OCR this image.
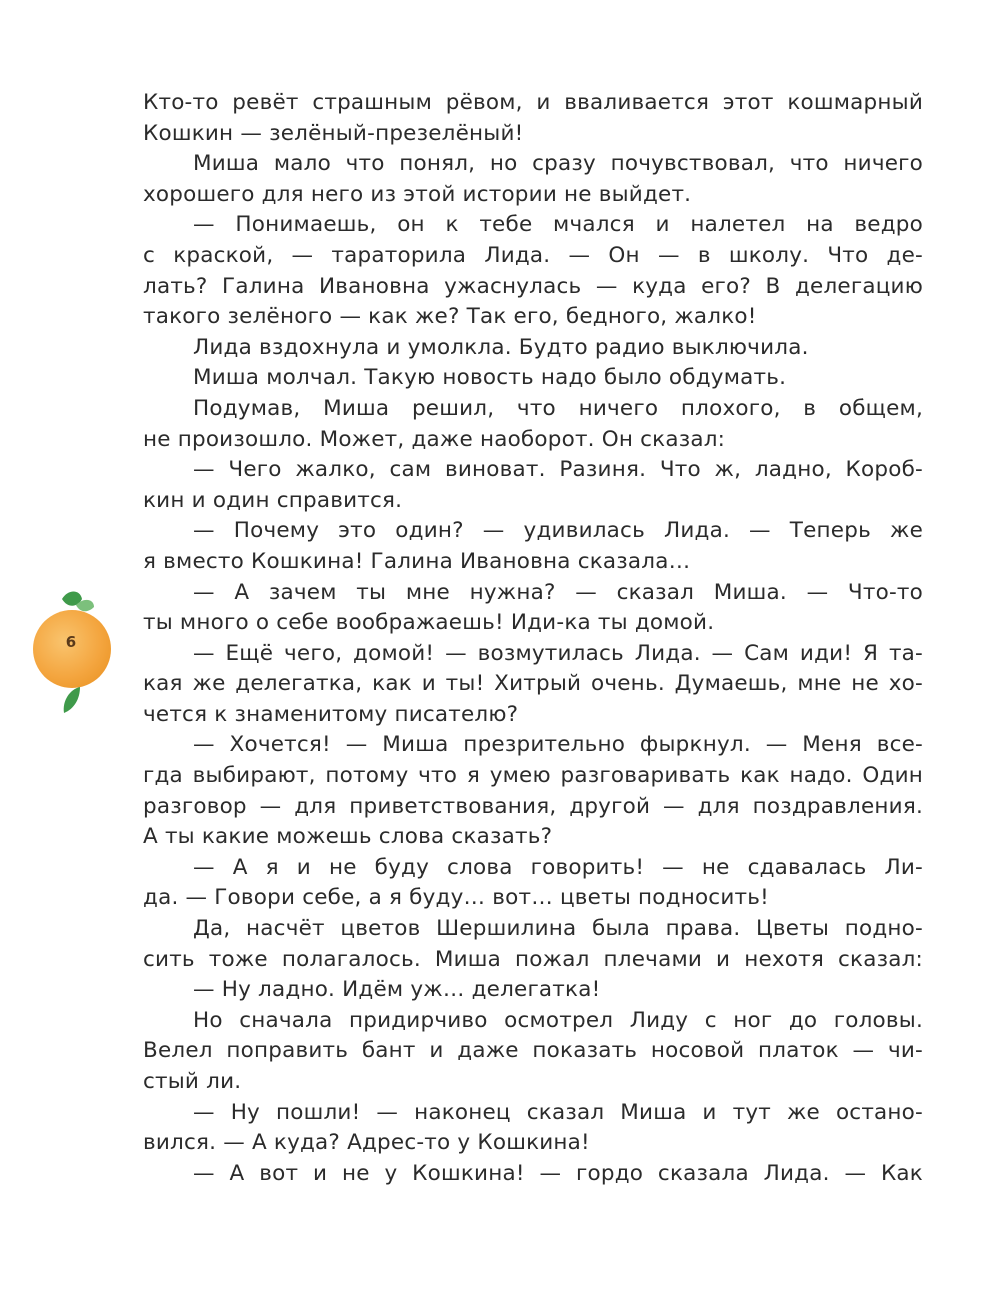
Кто-то ревёт страшным рёвом, и вваливается этот кошмарный
Кошкин — зелёный-презелёный!
Миша мало что понял, но сразу почувствовал, что ничего
хорошего для него из этой истории не выйдет.
— Понимаешь, он к тебе мчался и налетел на ведро
с краской, — тараторила Лида. — Он — в школу. Что де-
лать? Галина Ивановна ужаснулась — куда его? В делегацию
такого зелёного — как же? Так его, бедного, жалко!
Лида вздохнула и умолкла. Будто радио выключила.
Миша молчал. Такую новость надо было обдумать.
Подумав, Миша решил, что ничего плохого, в общем,
не произошло. Может, даже наоборот. Он сказал:
— Чего жалко, сам виноват. Разиня. Что ж, ладно, Короб-
кин и один справится.
— Почему это один? — удивилась Лида. — Теперь же
я вместо Кошкина! Галина Ивановна сказала…
— А зачем ты мне нужна? — сказал Миша. — Что-то
ты много о себе воображаешь! Иди-ка ты домой.
— Ещё чего, домой! — возмутилась Лида. — Сам иди! Я та-
кая же делегатка, как и ты! Хитрый очень. Думаешь, мне не хо-
чется к знаменитому писателю?
— Хочется! — Миша презрительно фыркнул. — Меня все-
гда выбирают, потому что я умею разговаривать как надо. Один
разговор — для приветствования, другой — для поздравления.
А ты какие можешь слова сказать?
— А я и не буду слова говорить! — не сдавалась Ли-
да. — Говори себе, а я буду… вот… цветы подносить!
Да, насчёт цветов Шершилина была права. Цветы подно-
сить тоже полагалось. Миша пожал плечами и нехотя сказал:
— Ну ладно. Идём уж… делегатка!
Но сначала придирчиво осмотрел Лиду с ног до головы.
Велел поправить бант и даже показать носовой платок — чи-
стый ли.
— Ну пошли! — наконец сказал Миша и тут же остано-
вился. — А куда? Адрес-то у Кошкина!
— А вот и не у Кошкина! — гордо сказала Лида. — Как
6
